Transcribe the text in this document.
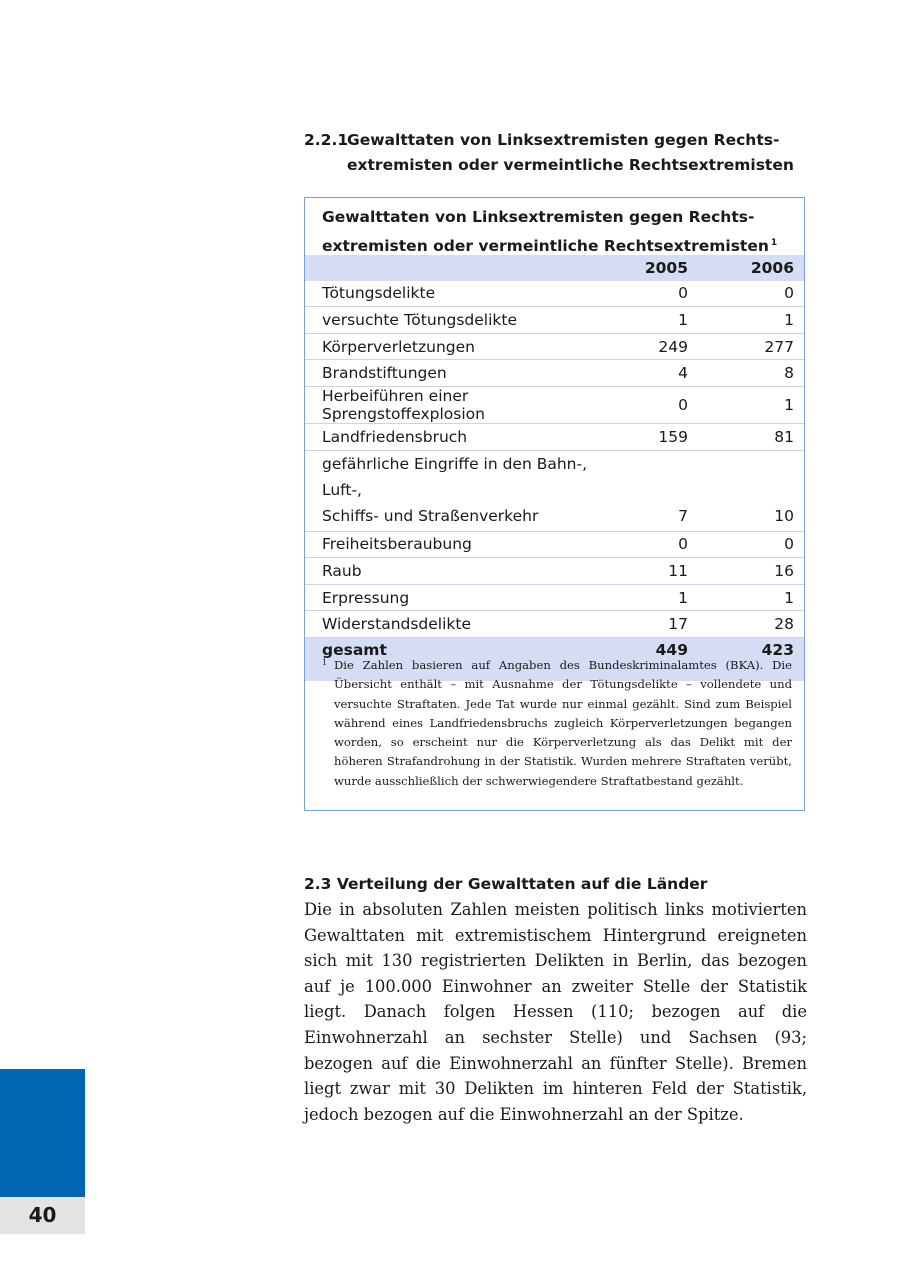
2.2.1Gewalttaten von Linksextremisten gegen Rechts-
extremisten oder vermeintliche Rechtsextremisten
Gewalttaten von Linksextremisten gegen Rechts-
extremisten oder vermeintliche Rechtsextremisten $^1$
	2005	2006
Tötungsdelikte	0	0
versuchte Tötungsdelikte	1	1
Körperverletzungen	249	277
Brandstiftungen	4	8
Herbeiführen einer Sprengstoffexplosion	0	1
Landfriedensbruch	159	81
gefährliche Eingriffe in den Bahn-, Luft-,
Schiffs- und Straßenverkehr	7	10
Freiheitsberaubung	0	0
Raub	11	16
Erpressung	1	1
Widerstandsdelikte	17	28
gesamt	449	423

1 Die Zahlen basieren auf Angaben des Bundeskriminalamtes (BKA). Die Übersicht enthält – mit Ausnahme der Tötungsdelikte – vollendete und versuchte Straftaten. Jede Tat wurde nur einmal gezählt. Sind zum Beispiel während eines Landfriedensbruchs zugleich Körperverletzungen begangen worden, so erscheint nur die Körperverletzung als das Delikt mit der höheren Strafandrohung in der Statistik. Wurden mehrere Straftaten verübt, wurde ausschließlich der schwerwiegendere Straftatbestand gezählt.
2.3 Verteilung der Gewalttaten auf die Länder
Die in absoluten Zahlen meisten politisch links motivierten Gewalttaten mit extremistischem Hintergrund ereigneten sich mit 130 registrierten Delikten in Berlin, das bezogen auf je 100.000 Einwohner an zweiter Stelle der Statistik liegt. Danach folgen Hessen (110; bezogen auf die Einwohnerzahl an sechster Stelle) und Sachsen (93; bezogen auf die Einwohnerzahl an fünfter Stelle). Bremen liegt zwar mit 30 Delikten im hinteren Feld der Statistik, jedoch bezogen auf die Einwohnerzahl an der Spitze.
40
